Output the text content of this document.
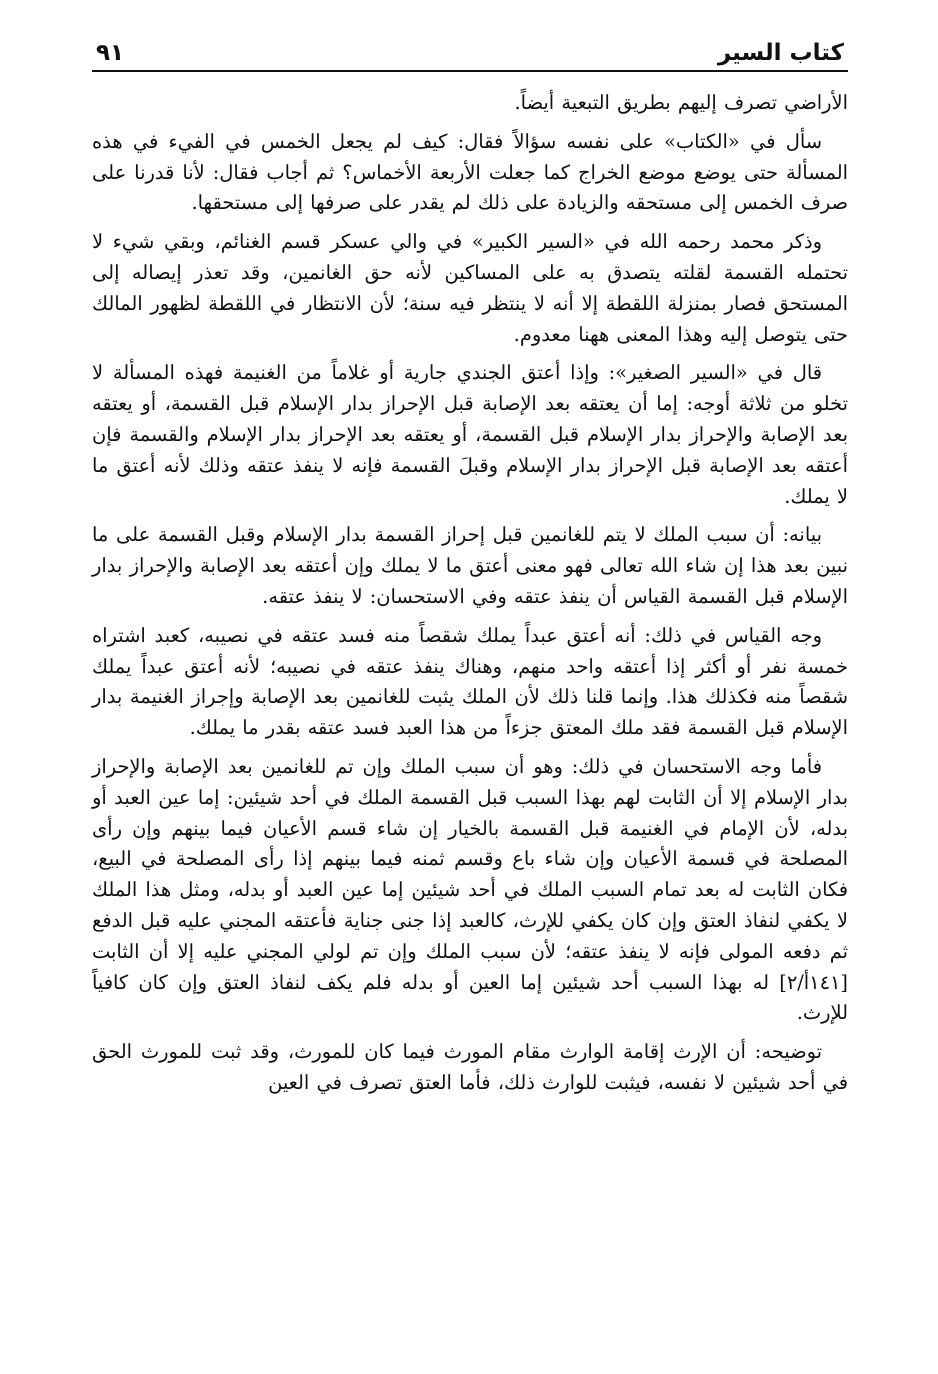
كتاب السير
٩١

الأراضي تصرف إليهم بطريق التبعية أيضاً.

سأل في «الكتاب» على نفسه سؤالاً فقال: كيف لم يجعل الخمس في الفيء في هذه المسألة حتى يوضع موضع الخراج كما جعلت الأربعة الأخماس؟ ثم أجاب فقال: لأنا قدرنا على صرف الخمس إلى مستحقه والزيادة على ذلك لم يقدر على صرفها إلى مستحقها.

وذكر محمد رحمه الله في «السير الكبير» في والي عسكر قسم الغنائم، وبقي شيء لا تحتمله القسمة لقلته يتصدق به على المساكين لأنه حق الغانمين، وقد تعذر إيصاله إلى المستحق فصار بمنزلة اللقطة إلا أنه لا ينتظر فيه سنة؛ لأن الانتظار في اللقطة لظهور المالك حتى يتوصل إليه وهذا المعنى ههنا معدوم.

قال في «السير الصغير»: وإذا أعتق الجندي جارية أو غلاماً من الغنيمة فهذه المسألة لا تخلو من ثلاثة أوجه: إما أن يعتقه بعد الإصابة قبل الإحراز بدار الإسلام قبل القسمة، أو يعتقه بعد الإصابة والإحراز بدار الإسلام قبل القسمة، أو يعتقه بعد الإحراز بدار الإسلام والقسمة فإن أعتقه بعد الإصابة قبل الإحراز بدار الإسلام وقبلَ القسمة فإنه لا ينفذ عتقه وذلك لأنه أعتق ما لا يملك.

بيانه: أن سبب الملك لا يتم للغانمين قبل إحراز القسمة بدار الإسلام وقبل القسمة على ما نبين بعد هذا إن شاء الله تعالى فهو معنى أعتق ما لا يملك وإن أعتقه بعد الإصابة والإحراز بدار الإسلام قبل القسمة القياس أن ينفذ عتقه وفي الاستحسان: لا ينفذ عتقه.

وجه القياس في ذلك: أنه أعتق عبداً يملك شقصاً منه فسد عتقه في نصيبه، كعبد اشتراه خمسة نفر أو أكثر إذا أعتقه واحد منهم، وهناك ينفذ عتقه في نصيبه؛ لأنه أعتق عبداً يملك شقصاً منه فكذلك هذا. وإنما قلنا ذلك لأن الملك يثبت للغانمين بعد الإصابة وإجراز الغنيمة بدار الإسلام قبل القسمة فقد ملك المعتق جزءاً من هذا العبد فسد عتقه بقدر ما يملك.

فأما وجه الاستحسان في ذلك: وهو أن سبب الملك وإن تم للغانمين بعد الإصابة والإحراز بدار الإسلام إلا أن الثابت لهم بهذا السبب قبل القسمة الملك في أحد شيئين: إما عين العبد أو بدله، لأن الإمام في الغنيمة قبل القسمة بالخيار إن شاء قسم الأعيان فيما بينهم وإن رأى المصلحة في قسمة الأعيان وإن شاء باع وقسم ثمنه فيما بينهم إذا رأى المصلحة في البيع، فكان الثابت له بعد تمام السبب الملك في أحد شيئين إما عين العبد أو بدله، ومثل هذا الملك لا يكفي لنفاذ العتق وإن كان يكفي للإرث، كالعبد إذا جنى جناية فأعتقه المجني عليه قبل الدفع ثم دفعه المولى فإنه لا ينفذ عتقه؛ لأن سبب الملك وإن تم لولي المجني عليه إلا أن الثابت [١٤١أ/٢] له بهذا السبب أحد شيئين إما العين أو بدله فلم يكف لنفاذ العتق وإن كان كافياً للإرث.

توضيحه: أن الإرث إقامة الوارث مقام المورث فيما كان للمورث، وقد ثبت للمورث الحق في أحد شيئين لا نفسه، فيثبت للوارث ذلك، فأما العتق تصرف في العين
